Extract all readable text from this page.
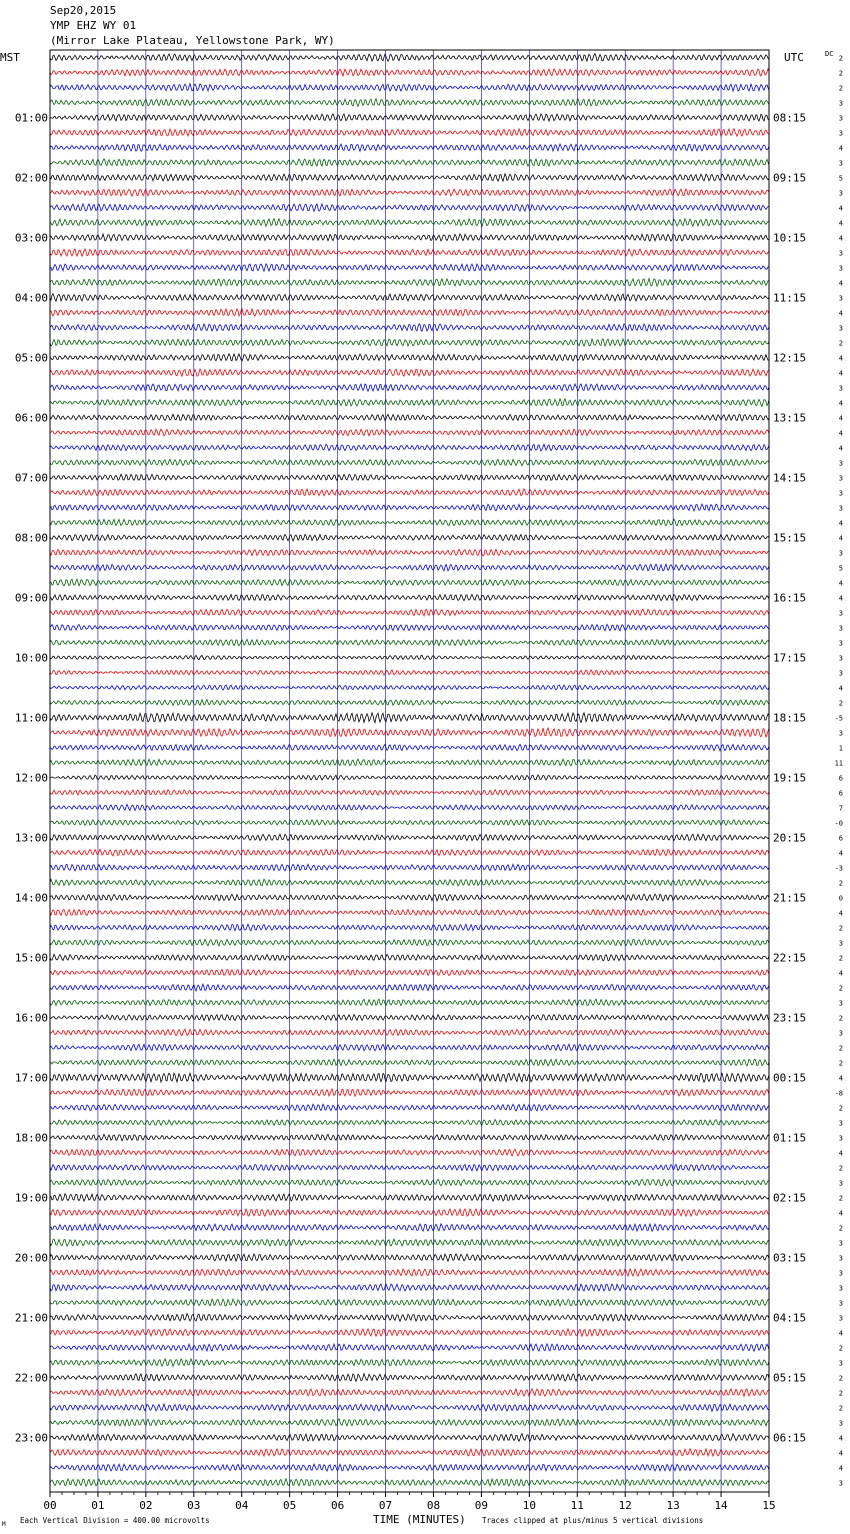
01:00
02:00
03:00
04:00
05:00
06:00
07:00
08:00
09:00
10:00
11:00
12:00
13:00
14:00
15:00
16:00
17:00
18:00
19:00
20:00
21:00
22:00
23:00
08:15
09:15
10:15
11:15
12:15
13:15
14:15
15:15
16:15
17:15
18:15
19:15
20:15
21:15
22:15
23:15
00:15
01:15
02:15
03:15
04:15
05:15
06:15
2
2
2
3
3
3
4
3
5
3
4
4
4
3
3
4
3
4
3
2
4
4
3
4
4
4
4
3
3
3
3
4
4
3
5
4
4
3
3
3
3
3
4
2
-5
3
1
11
6
6
7
-0
6
4
-3
2
0
4
2
3
2
4
2
3
2
3
2
2
4
-8
2
3
3
4
2
3
2
4
2
3
3
3
3
3
3
4
2
3
2
2
2
3
4
4
4
3
00	01	02	03	04	05	06	07	08	09	10	11	12	13	14	15
MST	UTC	DC
M Each Vertical Division = 400.00 microvolts	TIME (MINUTES) Traces clipped at plus/minus 5 vertical divisions
Sep20,2015
YMP EHZ WY 01
(Mirror Lake Plateau, Yellowstone Park, WY)
